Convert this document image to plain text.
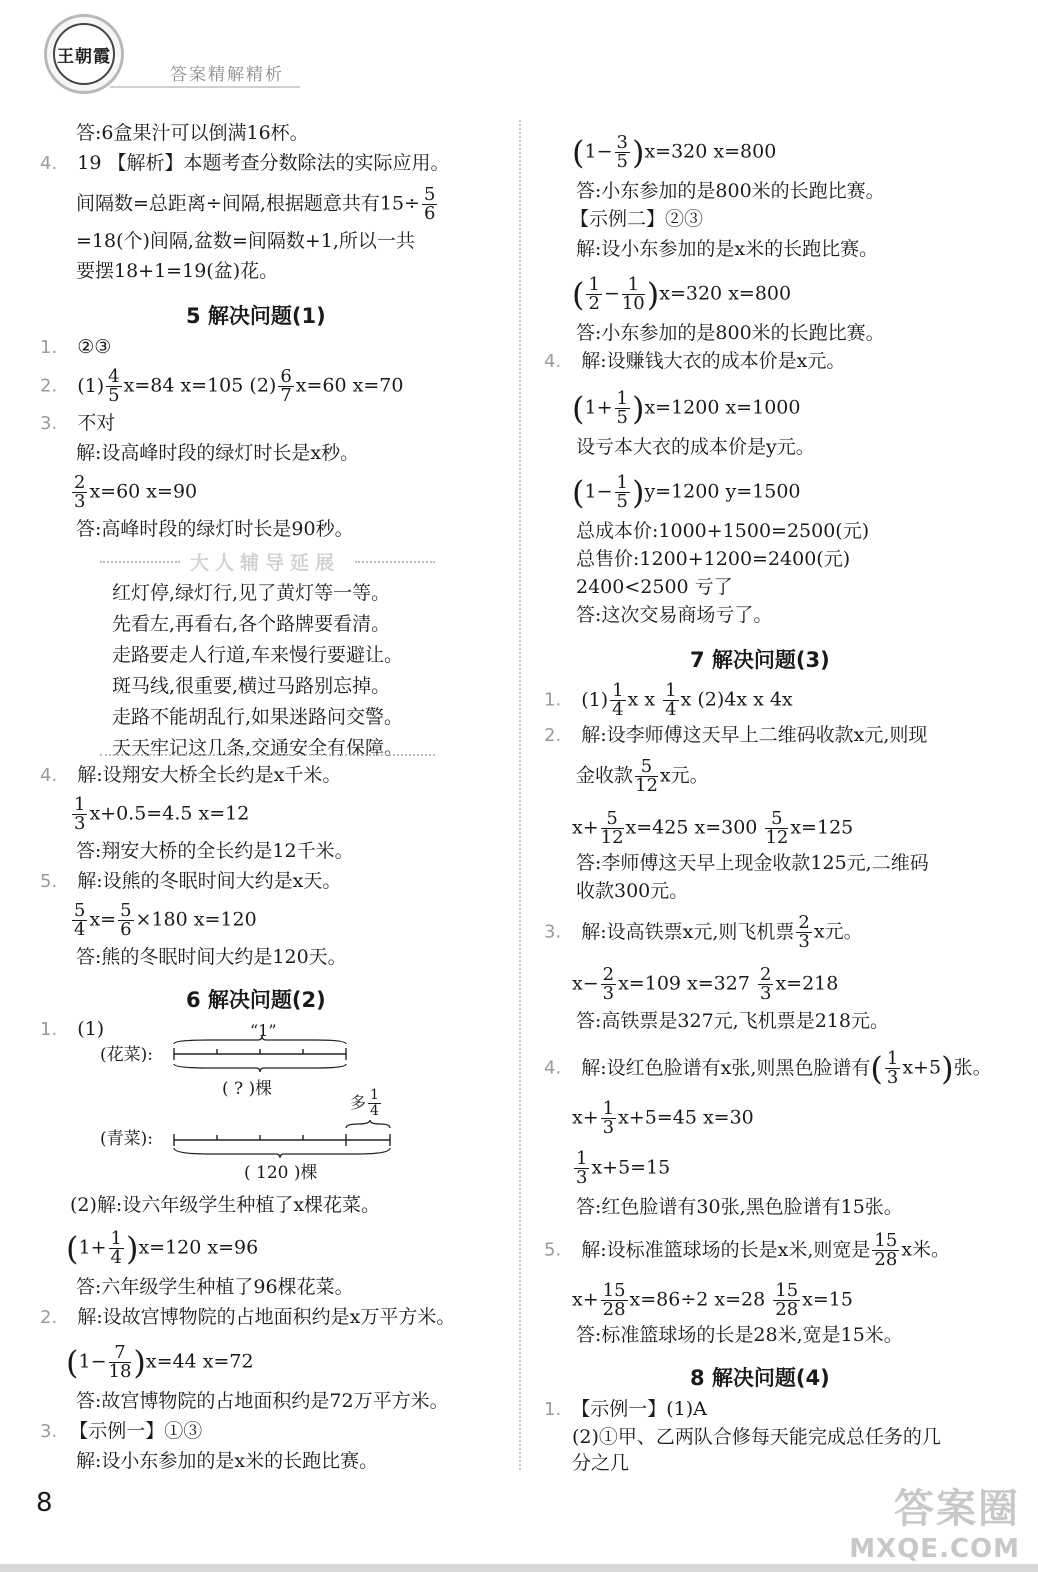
王朝霞
答案精解精析
答:6盒果汁可以倒满16杯。
4. 19 【解析】本题考查分数除法的实际应用。
间隔数=总距离÷间隔,根据题意共有$15\div \frac{5}{6}$
=18(个)间隔,盆数=间隔数+1,所以一共
要摆18+1=19(盆)花。
5 解决问题(1)
1. ②③
2. $(1) \frac{4}{5} x=84$ x=105 $(2) \frac{6}{7} x=60$ x=70
3. 不对
解:设高峰时段的绿灯时长是x秒。
$\frac{2}{3} x=60$ x=90
答:高峰时段的绿灯时长是90秒。
大人辅导延展
红灯停,绿灯行,见了黄灯等一等。
先看左,再看右,各个路牌要看清。
走路要走人行道,车来慢行要避让。
斑马线,很重要,横过马路别忘掉。
走路不能胡乱行,如果迷路问交警。
天天牢记这几条,交通安全有保障。
4. 解:设翔安大桥全长约是x千米。
$\frac{1}{3} x+0.5=4.5$ x=12
答:翔安大桥的全长约是12千米。
5. 解:设熊的冬眠时间大约是x天。
$\frac{5}{4} x= \frac{5}{6} \times 180$ x=120
答:熊的冬眠时间大约是120天。
6 解决问题(2)
1. (1)	“1”
(花菜):
( ? )棵
多 $\frac{1}{4}$
(青菜):
( 120 )棵
(2)解:设六年级学生种植了x棵花菜。
$(1+ \frac{1}{4} )x=120$ x=96
答:六年级学生种植了96棵花菜。
2. 解:设故宫博物院的占地面积约是x万平方米。
$(1- \frac{7}{18} )x=44$ x=72
答:故宫博物院的占地面积约是72万平方米。
3. 【示例一】①③
解:设小东参加的是x米的长跑比赛。
$(1- \frac{3}{5} )x=320$ x=800
答:小东参加的是800米的长跑比赛。
【示例二】②③
解:设小东参加的是x米的长跑比赛。
( $\frac{1}{2} - \frac{1}{10} )x=320$ x=800
答:小东参加的是800米的长跑比赛。
4. 解:设赚钱大衣的成本价是x元。
$(1+ \frac{1}{5} )x=1200$ x=1000
设亏本大衣的成本价是y元。
$(1- \frac{1}{5} )y=1200$ y=1500
总成本价:1000+1500=2500(元)
总售价:1200+1200=2400(元)
2400<2500 亏了
答:这次交易商场亏了。
7 解决问题(3)
1. $(1) \frac{1}{4}$ x x $\frac{1}{4}$ x (2)4x x 4x
2. 解:设李师傅这天早上二维码收款x元,则现
金收款 $\frac{5}{12}$ x元。
$x+ \frac{5}{12} x=425$ $x=300 \frac{5}{12} x=125$
答:李师傅这天早上现金收款125元,二维码
收款300元。
3. 解:设高铁票x元,则飞机票 $\frac{2}{3}$ x元。
$x- \frac{2}{3} x=109$ $x=327 \frac{2}{3} x=218$
答:高铁票是327元,飞机票是218元。
4. 解:设红色脸谱有x张,则黑色脸谱有( $\frac{1}{3} x+5$)张。
$x+ \frac{1}{3} x+5=45$ x=30
$\frac{1}{3} x+5=15$
答:红色脸谱有30张,黑色脸谱有15张。
5. 解:设标准篮球场的长是x米,则宽是 $\frac{15}{28}$ x米。
$x+ \frac{15}{28} x=86\div 2$ $x=28 \frac{15}{28} x=15$
答:标准篮球场的长是28米,宽是15米。
8 解决问题(4)
1. 【示例一】(1)A
(2)①甲、乙两队合修每天能完成总任务的几
分之几
8	答案圈
MXQE.COM
